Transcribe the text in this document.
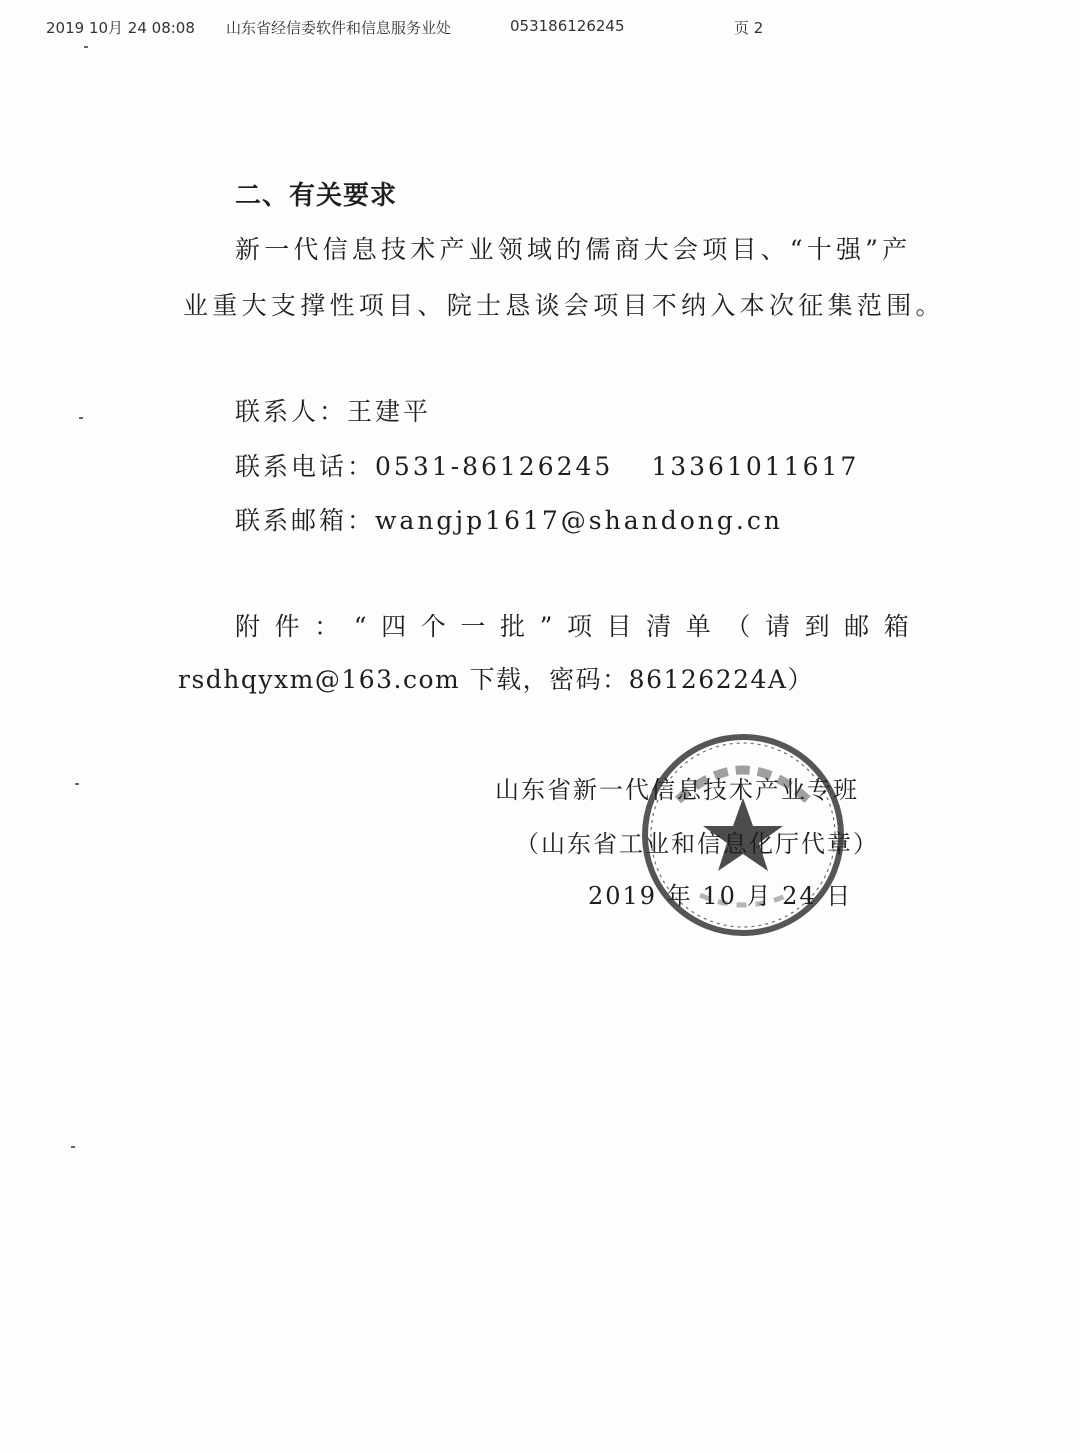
2019 10月 24 08:08 山东省经信委软件和信息服务业处	053186126245	页 2
二、有关要求
新一代信息技术产业领域的儒商大会项目、“十强”产
业重大支撑性项目、院士恳谈会项目不纳入本次征集范围。
联系人：王建平
联系电话：0531-86126245 13361011617
联系邮箱：wangjp1617@shandong.cn
附件：“四个一批”项目清单（请到邮箱
rsdhqyxm@163.com 下载，密码：86126224A）
山东省新一代信息技术产业专班
（山东省工业和信息化厅代章）
2019 年 10 月 24 日
